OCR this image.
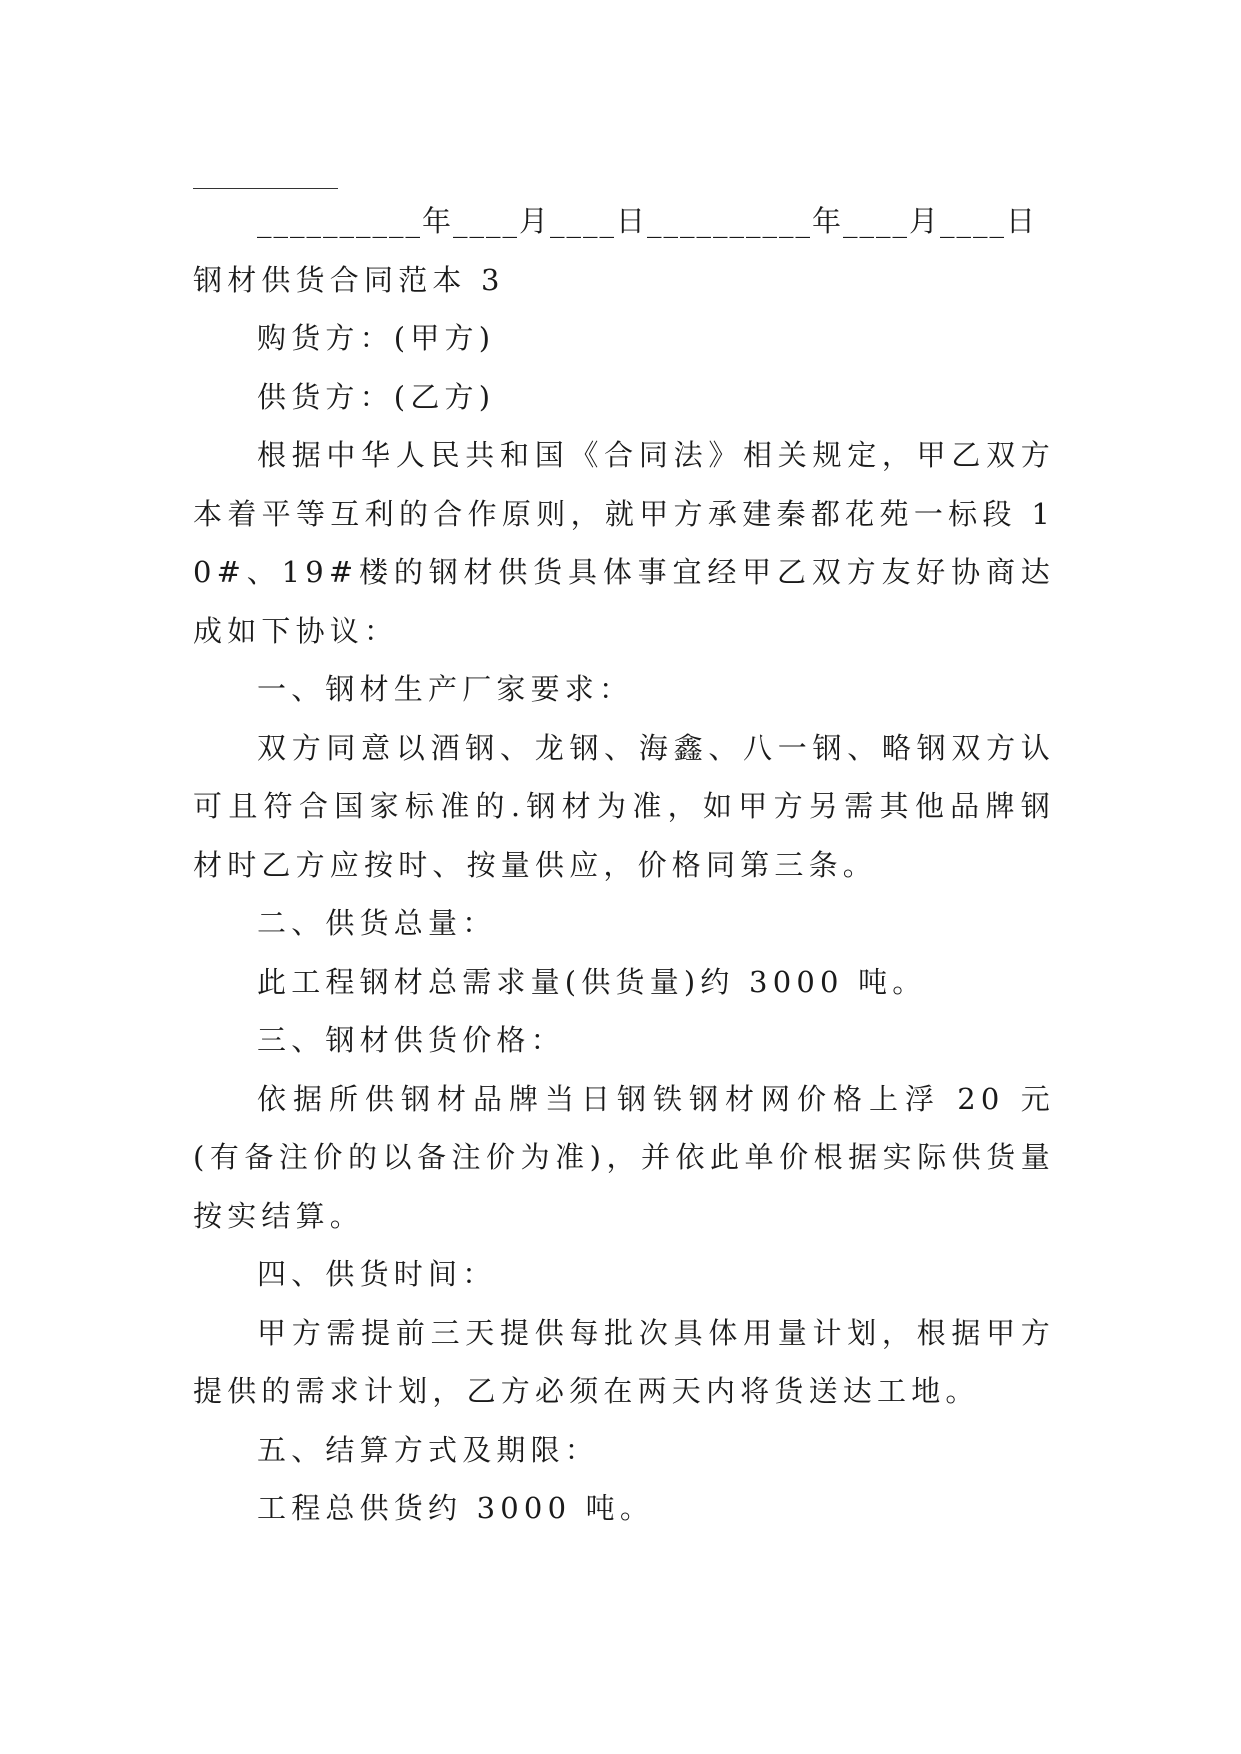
__________年____月____日__________年____月____日

钢材供货合同范本 3

购货方：(甲方)

供货方：(乙方)

根据中华人民共和国《合同法》相关规定，甲乙双方本着平等互利的合作原则，就甲方承建秦都花苑一标段 10#、19#楼的钢材供货具体事宜经甲乙双方友好协商达成如下协议：

一、钢材生产厂家要求：

双方同意以酒钢、龙钢、海鑫、八一钢、略钢双方认可且符合国家标准的.钢材为准，如甲方另需其他品牌钢材时乙方应按时、按量供应，价格同第三条。

二、供货总量：

此工程钢材总需求量(供货量)约 3000 吨。

三、钢材供货价格：

依据所供钢材品牌当日钢铁钢材网价格上浮 20 元(有备注价的以备注价为准)，并依此单价根据实际供货量按实结算。

四、供货时间：

甲方需提前三天提供每批次具体用量计划，根据甲方提供的需求计划，乙方必须在两天内将货送达工地。

五、结算方式及期限：

工程总供货约 3000 吨。
